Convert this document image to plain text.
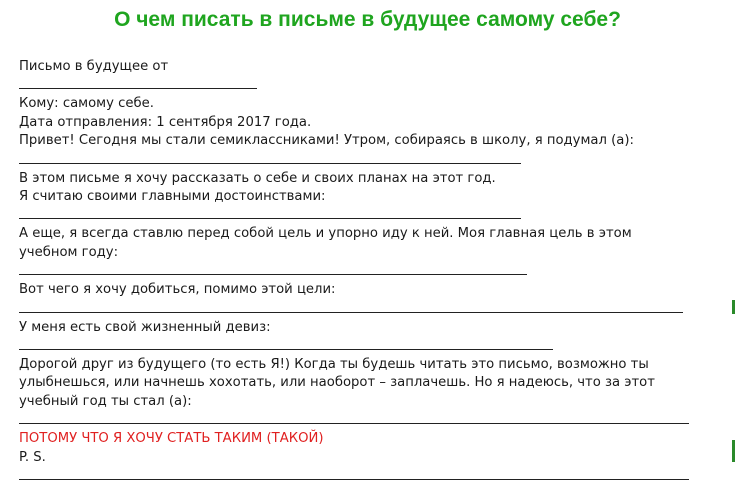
О чем писать в письме в будущее самому себе?
Письмо в будущее от
Кому: самому себе.
Дата отправления: 1 сентября 2017 года.
Привет! Сегодня мы стали семиклассниками! Утром, собираясь в школу, я подумал (а):
В этом письме я хочу рассказать о себе и своих планах на этот год.
Я считаю своими главными достоинствами:
А еще, я всегда ставлю перед собой цель и упорно иду к ней. Моя главная цель в этом учебном году:
Вот чего я хочу добиться, помимо этой цели:
У меня есть свой жизненный девиз:
Дорогой друг из будущего (то есть Я!) Когда ты будешь читать это письмо, возможно ты улыбнешься, или начнешь хохотать, или наоборот – заплачешь. Но я надеюсь, что за этот учебный год ты стал (а):
ПОТОМУ ЧТО Я ХОЧУ СТАТЬ ТАКИМ (ТАКОЙ)
P. S.
